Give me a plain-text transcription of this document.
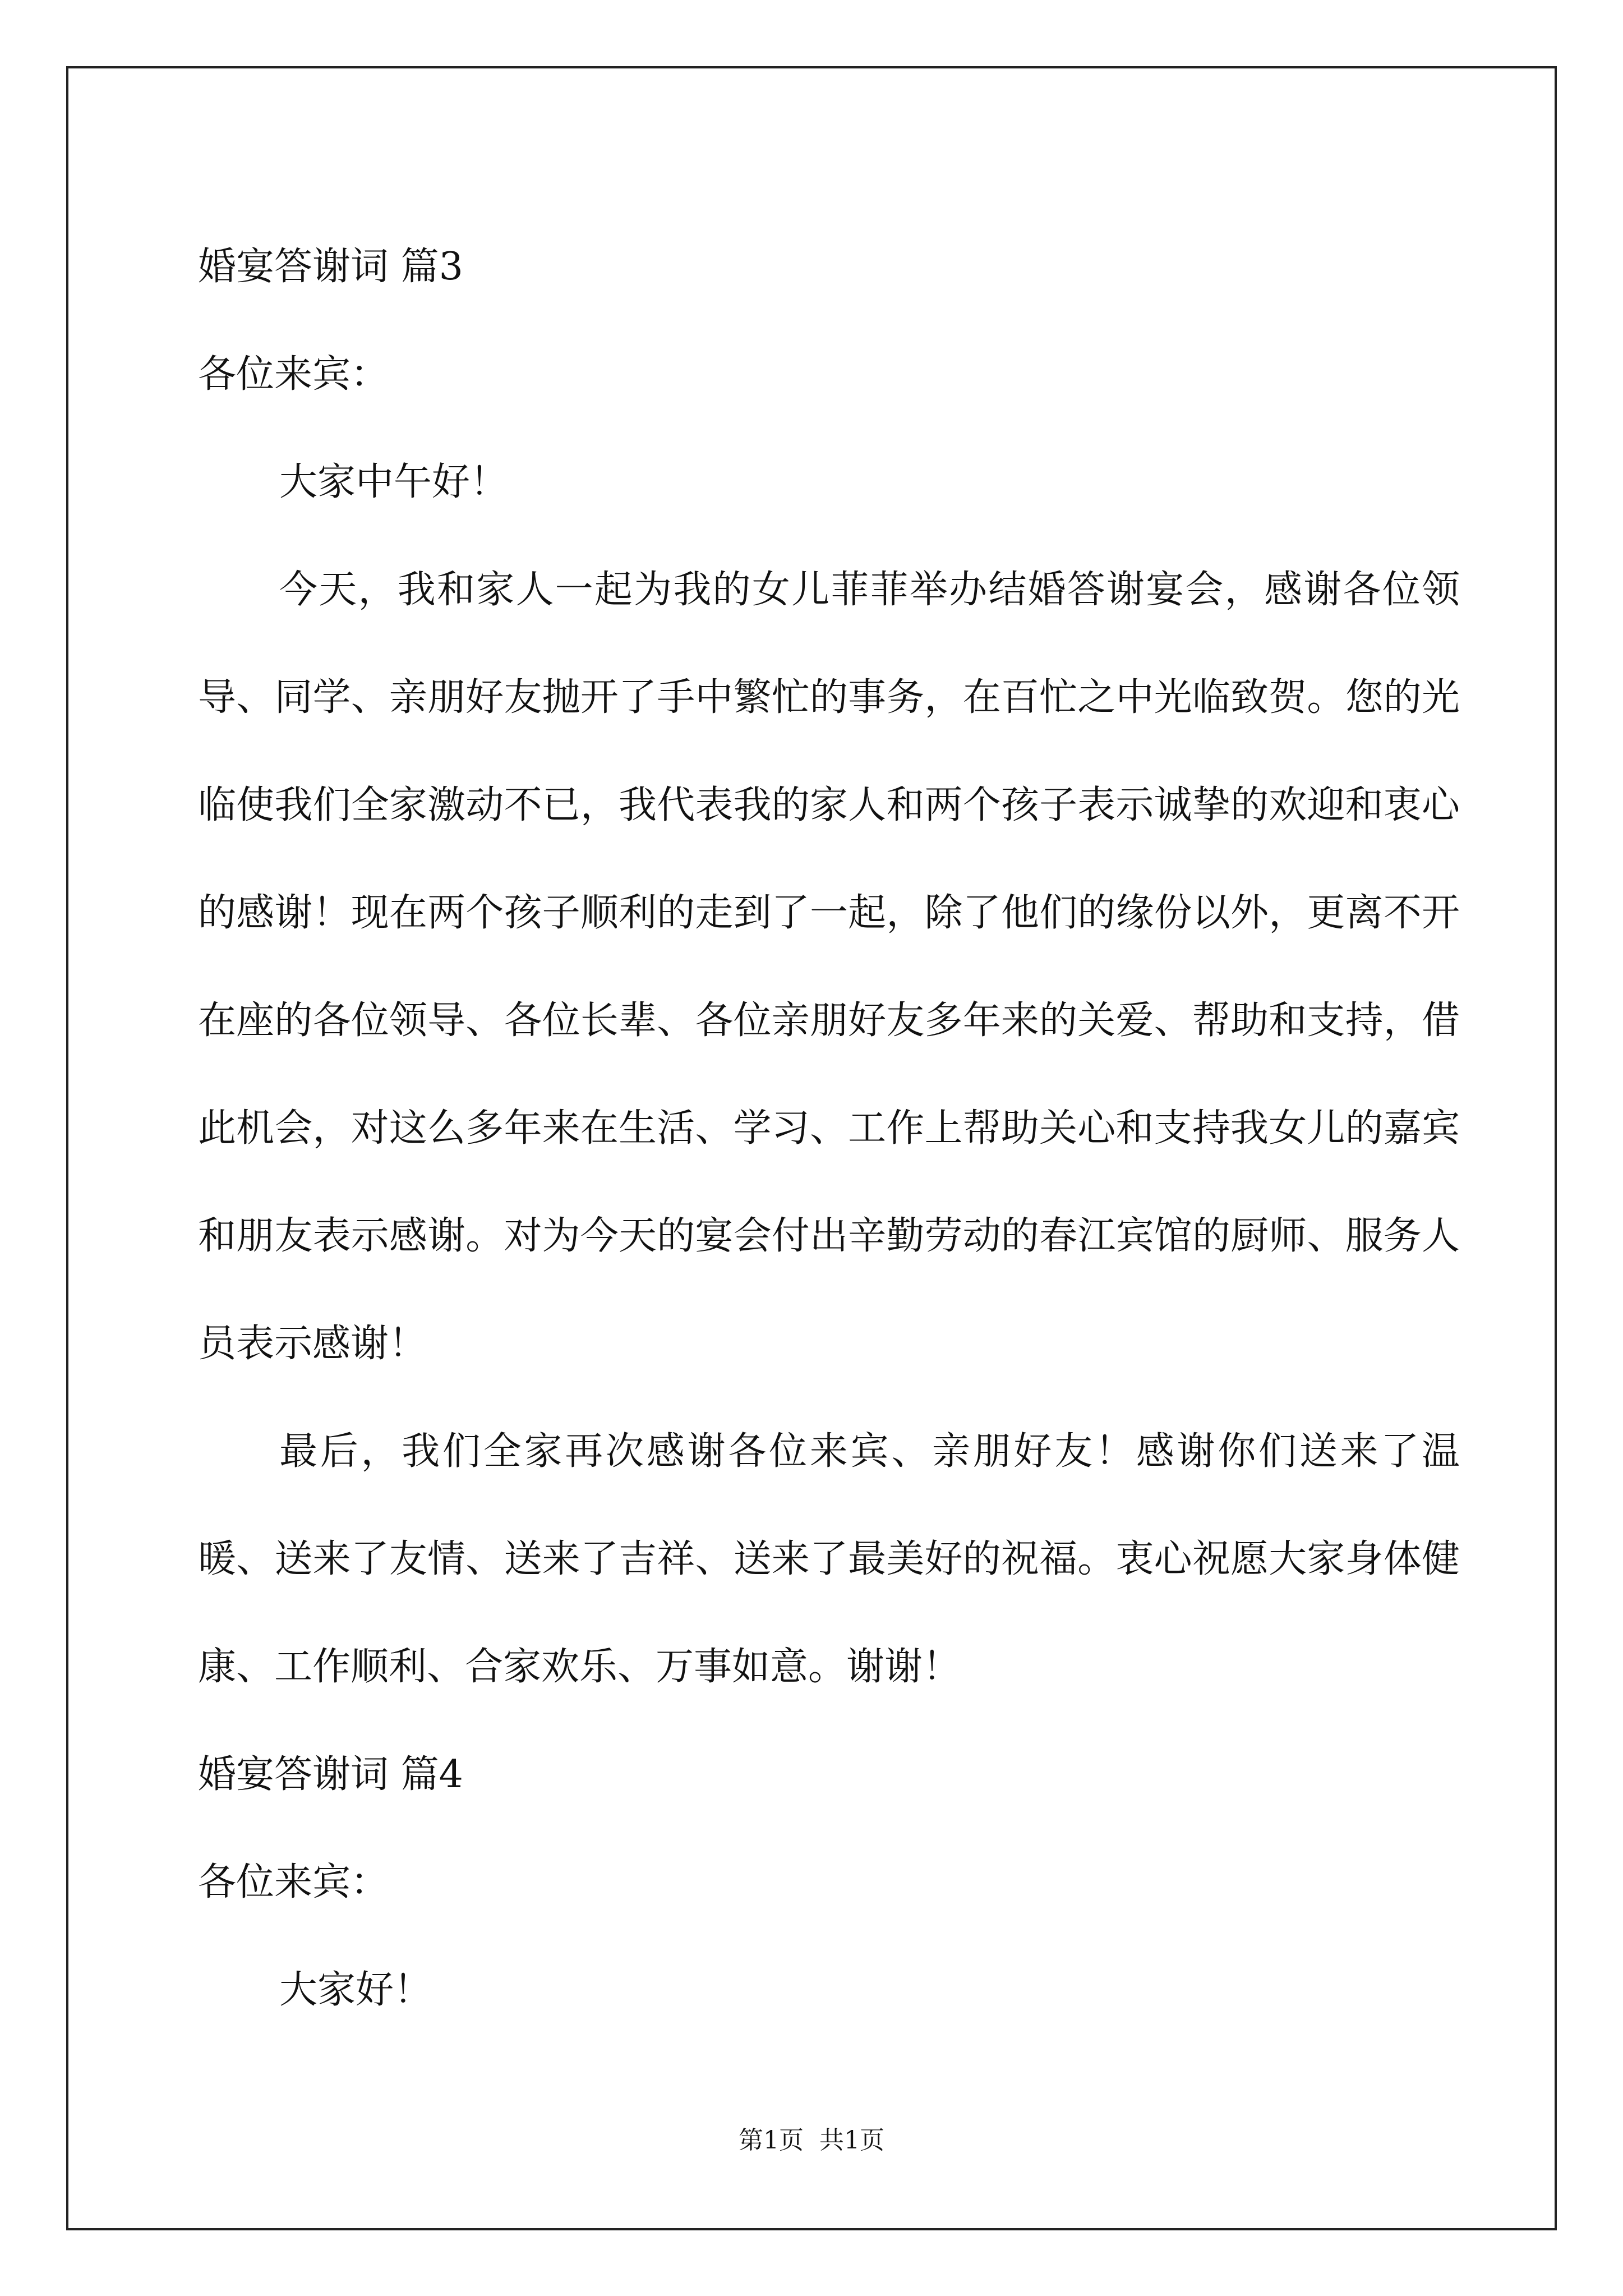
婚宴答谢词 篇3

各位来宾：

大家中午好！

今天，我和家人一起为我的女儿菲菲举办结婚答谢宴会，感谢各位领导、同学、亲朋好友抛开了手中繁忙的事务，在百忙之中光临致贺。您的光临使我们全家激动不已，我代表我的家人和两个孩子表示诚挚的欢迎和衷心的感谢！现在两个孩子顺利的走到了一起，除了他们的缘份以外，更离不开在座的各位领导、各位长辈、各位亲朋好友多年来的关爱、帮助和支持，借此机会，对这么多年来在生活、学习、工作上帮助关心和支持我女儿的嘉宾和朋友表示感谢。对为今天的宴会付出辛勤劳动的春江宾馆的厨师、服务人员表示感谢！

最后，我们全家再次感谢各位来宾、亲朋好友！感谢你们送来了温暖、送来了友情、送来了吉祥、送来了最美好的祝福。衷心祝愿大家身体健康、工作顺利、合家欢乐、万事如意。谢谢！

婚宴答谢词 篇4

各位来宾：

大家好！

第1页  共1页
